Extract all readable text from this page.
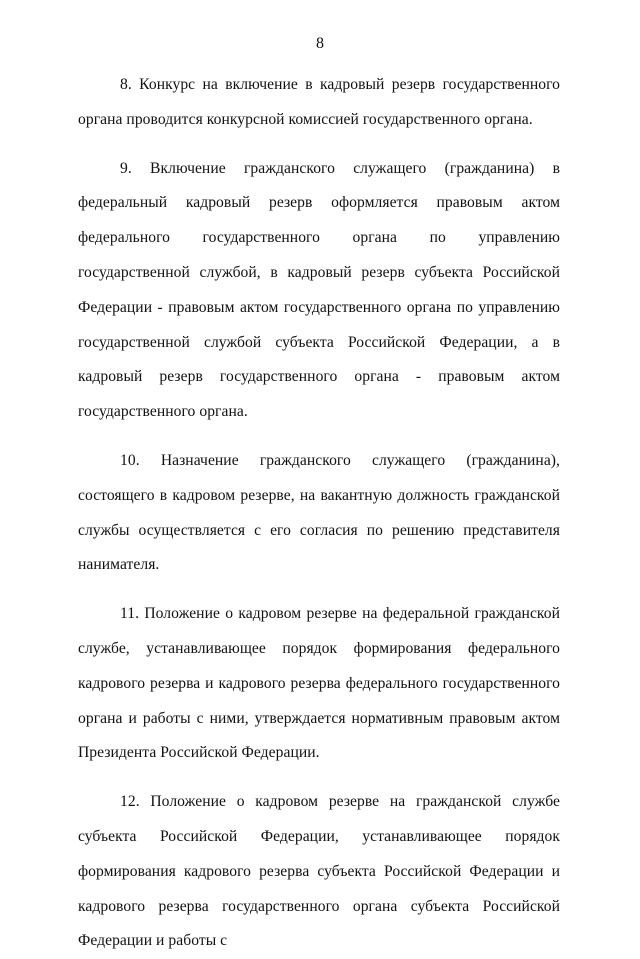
8

8. Конкурс на включение в кадровый резерв государственного органа проводится конкурсной комиссией государственного органа.

9. Включение гражданского служащего (гражданина) в федеральный кадровый резерв оформляется правовым актом федерального государственного органа по управлению государственной службой, в кадровый резерв субъекта Российской Федерации - правовым актом государственного органа по управлению государственной службой субъекта Российской Федерации, а в кадровый резерв государственного органа - правовым актом государственного органа.

10. Назначение гражданского служащего (гражданина), состоящего в кадровом резерве, на вакантную должность гражданской службы осуществляется с его согласия по решению представителя нанимателя.

11. Положение о кадровом резерве на федеральной гражданской службе, устанавливающее порядок формирования федерального кадрового резерва и кадрового резерва федерального государственного органа и работы с ними, утверждается нормативным правовым актом Президента Российской Федерации.

12. Положение о кадровом резерве на гражданской службе субъекта Российской Федерации, устанавливающее порядок формирования кадрового резерва субъекта Российской Федерации и кадрового резерва государственного органа субъекта Российской Федерации и работы с
